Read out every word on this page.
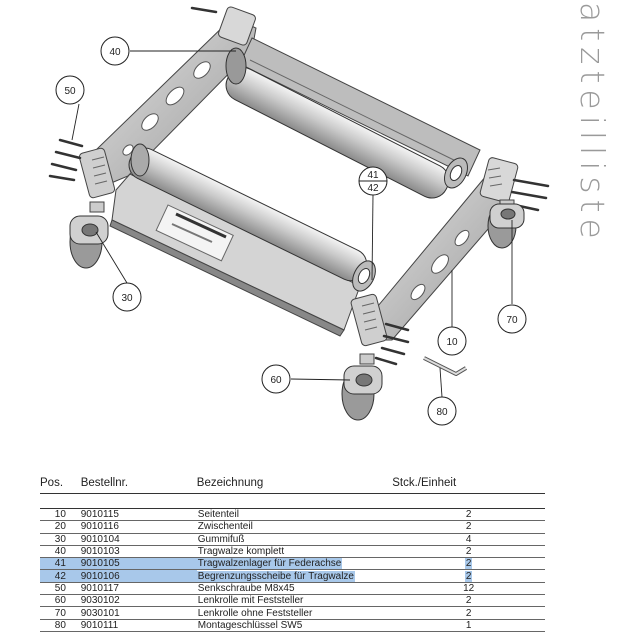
40
50
41
42
30
70
10
60
80
atzteilliste
Pos.	Bestellnr.	Bezeichnung	Stck./Einheit

10	9010115	Seitenteil	2
20	9010116	Zwischenteil	2
30	9010104	Gummifuß	4
40	9010103	Tragwalze komplett	2
41	9010105	Tragwalzenlager für Federachse	2
42	9010106	Begrenzungsscheibe für Tragwalze	2
50	9010117	Senkschraube M8x45	12
60	9030102	Lenkrolle mit Feststeller	2
70	9030101	Lenkrolle ohne Feststeller	2
80	9010111	Montageschlüssel SW5	1
